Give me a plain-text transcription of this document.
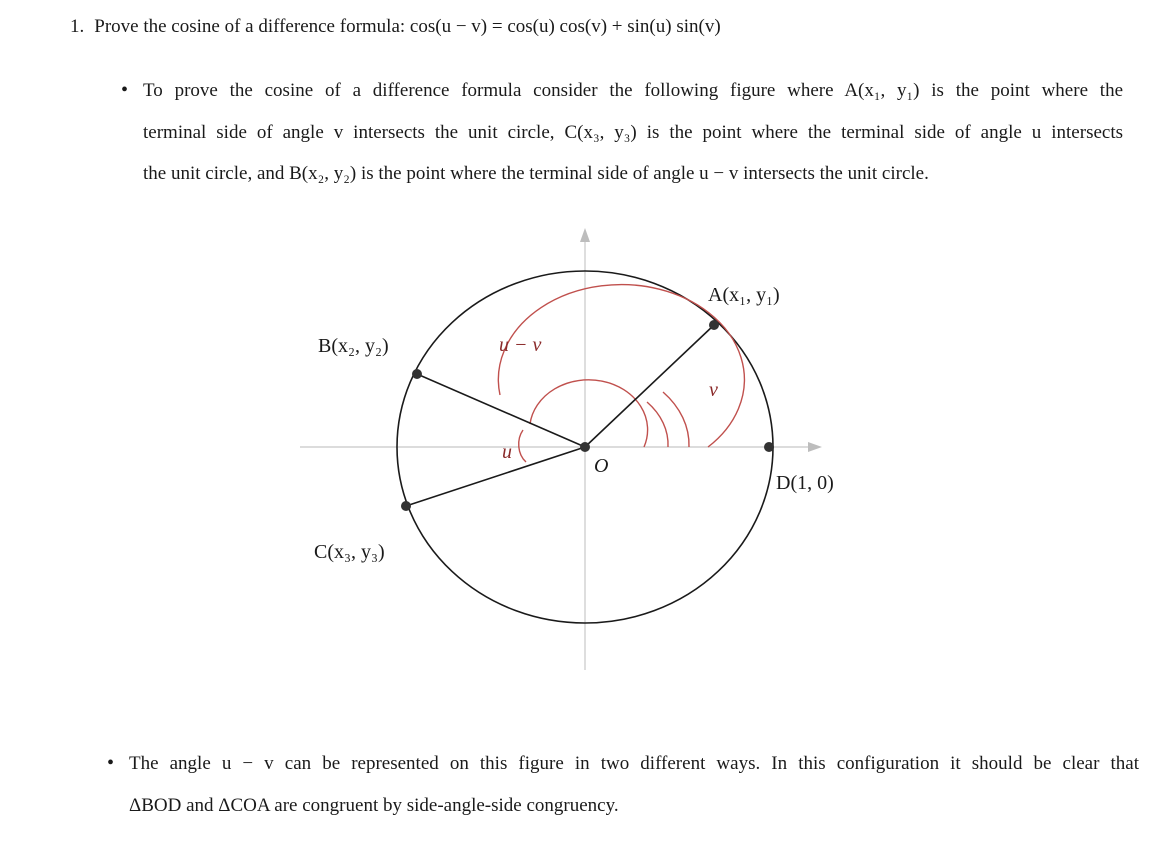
1. Prove the cosine of a difference formula: cos(u − v) = cos(u) cos(v) + sin(u) sin(v)
• To prove the cosine of a difference formula consider the following figure where A(x₁, y₁) is the point where the
terminal side of angle v intersects the unit circle, C(x₃, y₃) is the point where the terminal side of angle u intersects
the unit circle, and B(x₂, y₂) is the point where the terminal side of angle u − v intersects the unit circle.
A(x₁, y₁)
B(x₂, y₂)
C(x₃, y₃)
D(1, 0)
O
u − v
v
u
• The angle u − v can be represented on this figure in two different ways. In this configuration it should be clear that
ΔBOD and ΔCOA are congruent by side-angle-side congruency.
